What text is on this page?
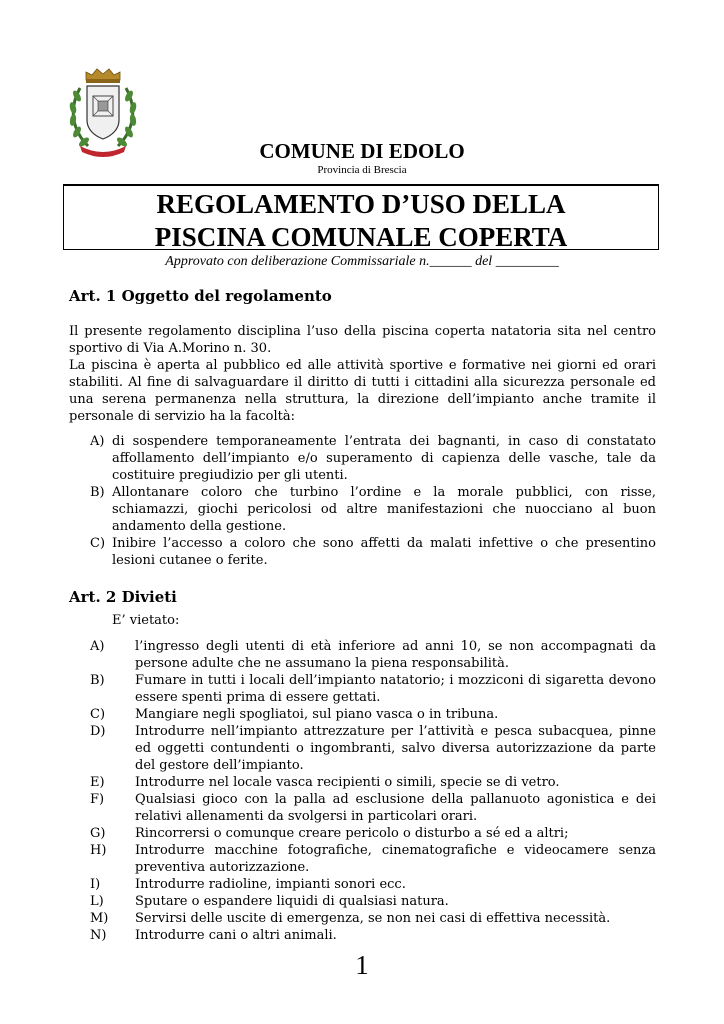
COMUNE DI EDOLO
Provincia di Brescia
REGOLAMENTO D’USO DELLA
PISCINA COMUNALE COPERTA
Approvato con deliberazione Commissariale n.______ del _________
Art. 1 Oggetto del regolamento
Il presente regolamento disciplina l’uso della piscina coperta natatoria sita nel centro sportivo di Via A.Morino n. 30.
La piscina è aperta al pubblico ed alle attività sportive e formative nei giorni ed orari stabiliti. Al fine di salvaguardare il diritto di tutti i cittadini alla sicurezza personale ed una serena permanenza nella struttura, la direzione dell’impianto anche tramite il personale di servizio ha la facoltà:
A) di sospendere temporaneamente l’entrata dei bagnanti, in caso di constatato affollamento dell’impianto e/o superamento di capienza delle vasche, tale da costituire pregiudizio per gli utenti.
B) Allontanare coloro che turbino l’ordine e la morale pubblici, con risse, schiamazzi, giochi pericolosi od altre manifestazioni che nuocciano al buon andamento della gestione.
C) Inibire l’accesso a coloro che sono affetti da malati infettive o che presentino lesioni cutanee o ferite.
Art. 2 Divieti
E’ vietato:
A)	l’ingresso degli utenti di età inferiore ad anni 10, se non accompagnati da persone adulte che ne assumano la piena responsabilità.
B)	Fumare in tutti i locali dell’impianto natatorio; i mozziconi di sigaretta devono essere spenti prima di essere gettati.
C)	Mangiare negli spogliatoi, sul piano vasca o in tribuna.
D)	Introdurre nell’impianto attrezzature per l’attività e pesca subacquea, pinne ed oggetti contundenti o ingombranti, salvo diversa autorizzazione da parte del gestore dell’impianto.
E)	Introdurre nel locale vasca recipienti o simili, specie se di vetro.
F)	Qualsiasi gioco con la palla ad esclusione della pallanuoto agonistica e dei relativi allenamenti da svolgersi in particolari orari.
G)	Rincorrersi o comunque creare pericolo o disturbo a sé ed a altri;
H)	Introdurre macchine fotografiche, cinematografiche e videocamere senza preventiva autorizzazione.
I)	Introdurre radioline, impianti sonori ecc.
L)	Sputare o espandere liquidi di qualsiasi natura.
M)	Servirsi delle uscite di emergenza, se non nei casi di effettiva necessità.
N)	Introdurre cani o altri animali.
1
